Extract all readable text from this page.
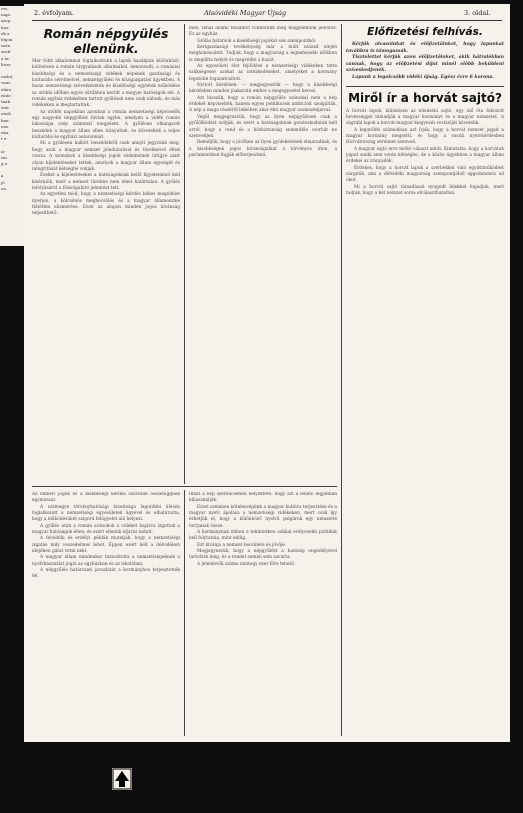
ers,
napi
szop.
haz-
ek a
főgon
szén
szók-
a ta-
ltoze

ondol,
vanv
elmu
rinte
tnak
ömt
onok
ban.
enz.
eka,
t e-

iz-
rin
g a

a
jó
on
2. évfolyam.	Alsóvidéki Magyar Újság	3. oldal.
Román népgyülés ellenünk.

Már több alkalommal foglalkoztunk a lapok hasábjain különböző, különösen a román tárgyalások alkalmából, lemorzsolt, a romániai kisebbségi és a nemzetiségi vidékek népének gazdasági és kulturális sérelmeivel, nemzetgyűlési és közigazgatási ügyekben. A hazai nemzetiségi szövetkezetek és kisebbségi egyletek működése az utóbbi időben egyre sűrűbben került a megyei hatóságok elé. A román egyház érdekében tartott gyűlések nem csak nálunk, de más vidékeken is megtartattak.

Az utóbbi napokban azonban a román nemzetiségi képviselők egy nagyobb népgyűlést hívtak egybe, amelyen a vidék román lakossága szép számmal megjelent. A gyűlésen elhangzott beszédek a magyar állam ellen irányultak, és követelték a teljes kulturális és egyházi autonómiát.

Mi a gyülésen hallott beszédekről csak annyit jegyzünk meg, hogy azok a magyar nemzet jóindulatával és türelmével éltek vissza. A szónokok a kisebbségi jogok védelmének ürügye alatt olyan kijelentéseket tettek, amelyek a magyar állam egységét és integritását kétségbe vonják.

Ezeket a kijelentéseket a hatóságoknak kellő figyelemmel kell kísérniök, mert a nemzet türelme nem lehet határtalan. A gyűlés lefolyásáról a főszolgabíró jelentést tett.

Az egyetlen mód, hogy a nemzetiségi kérdés békés megoldást nyerjen, a kölcsönös megbecsülés és a magyar állameszme feltétlen elismerése. Ezen az alapon minden jogos kívánság teljesíthető.

mén, tehát állami feladatot tölthetünk meg megjelenünk jelentős. Ez az egyház.

Szólás határsok a kisebbségi jogokat sok szempontból.

Kertgazdasági tevékenység már a múlt század elején meghonosodott. Tudjuk, hogy a magyarság a legnehezebb időkben is megállta helyét és megvédte a hazát.

Az egyesületi élet fejlődése a nemzetiségi vidékeken tette szükségessé azokat az intézkedéseket, amelyeket a kormány legutóbb foganatosított.

Nyitott kérdések: — megjegyezzük — hogy a kisebbségi kérdésben minden jóakaratú ember a megegyezést keresi.

Azt hisszük, hogy a román népgyűlés szónokai nem a nép érdekét képviselték, hanem egyes politikusok ambícióit szolgálták. A nép a maga részéről békében akar élni magyar szomszédjaival.

Végül megjegyezzük, hogy az ilyen népgyűlések csak a gyűlölködést szítják, és ezért a hatóságoknak gondoskodniuk kell arról, hogy a rend és a közbiztonság semmiféle csorbát ne szenvedjen.

Reméljük, hogy a jövőben az ilyen gyülekezések elmaradnak, és a kisebbségek jogos kívánságaikat a törvényes úton, a parlamentben fogják előterjeszteni.

Előfizetési felhívás.

Kérjük olvasóinkat és előfizetőinket, hogy lapunkat továbbra is támogassák.

Tisztelettel kérjük azon előfizetőinket, akik hátralékban vannak, hogy az előfizetési díjat minél előbb beküldeni szíveskedjenek.

Lapunk a legolcsóbb vidéki újság. Egész évre 6 korona.

Miről ír a horvát sajtó?

A horvát lapok, különösen az ellenzéki sajtó, egy idő óta fokozott hevességgel támadják a magyar kormányt és a magyar nemzetet. A zágrábi lapok a horvát-magyar kiegyezés revízióját követelik.

A legutóbbi számokban azt írják, hogy a horvát nemzet jogait a magyar kormány megsérti, és hogy a vasúti nyelvkérdésben Horvátország sérelmet szenved.

A magyar sajtó erre méltó választ adott. Kimutatta, hogy a horvátok jogait senki sem vonta kétségbe, de a közös ügyekben a magyar állam érdekei az irányadók.

Érdekes, hogy a horvát lapok a szerbekkel való együttműködést sürgetik, ami a délvidéki magyarság szempontjából aggodalomra ad okot.

Mi a horvát sajtó támadásait nyugodt lélekkel fogadjuk, mert tudjuk, hogy a két nemzet sorsa elválaszthatatlan.

Az emberi jogok és a kisebbségi kérdés szorosan összefüggnek egymással.

A vármegye törvényhatósági bizottsága legutóbbi ülésén foglalkozott a nemzetiségi egyesületek ügyével és elhatározta, hogy a működésüket szigorú felügyelet alá helyezi.

A gyűlés után a román szónokok a vidéket bejárva izgattak a magyar hatóságok ellen, és ezért ellenük eljárás indult.

A felvidéki és erdélyi példák mutatják, hogy a nemzetiségi izgatás mily veszedelmes lehet. Éppen ezért kell a délvidéken idejében gátat vetni neki.

A magyar állam mindenkor biztosította a nemzetiségeknek a nyelvhasználat jogát az egyházban és az iskolában.

A népgyűlés határozati javaslatát a kormányhoz terjesztették fel.

tehát a nép szerencsétlen helyzetére, hogy azt a lehető legjobban kihasználják.

Ezzel szemben kötelességünk a magyar kultúra terjesztése és a magyar nyelv ápolása a nemzetiségi vidékeken, mert csak így érhetjük el, hogy a különböző nyelvű polgárok egy nemzetté forrjanak össze.

A kormánynak ebben a tekintetben sokkal erélyesebb politikát kell folytatnia, mint eddig.

Ezt kívánja a nemzet becsülete és jövője.

Megjegyezzük, hogy a népgyűlést a hatóság engedélyével tartották meg, és a rendet semmi sem zavarta.

A jelenlevők száma mintegy ezer főre tehető.
